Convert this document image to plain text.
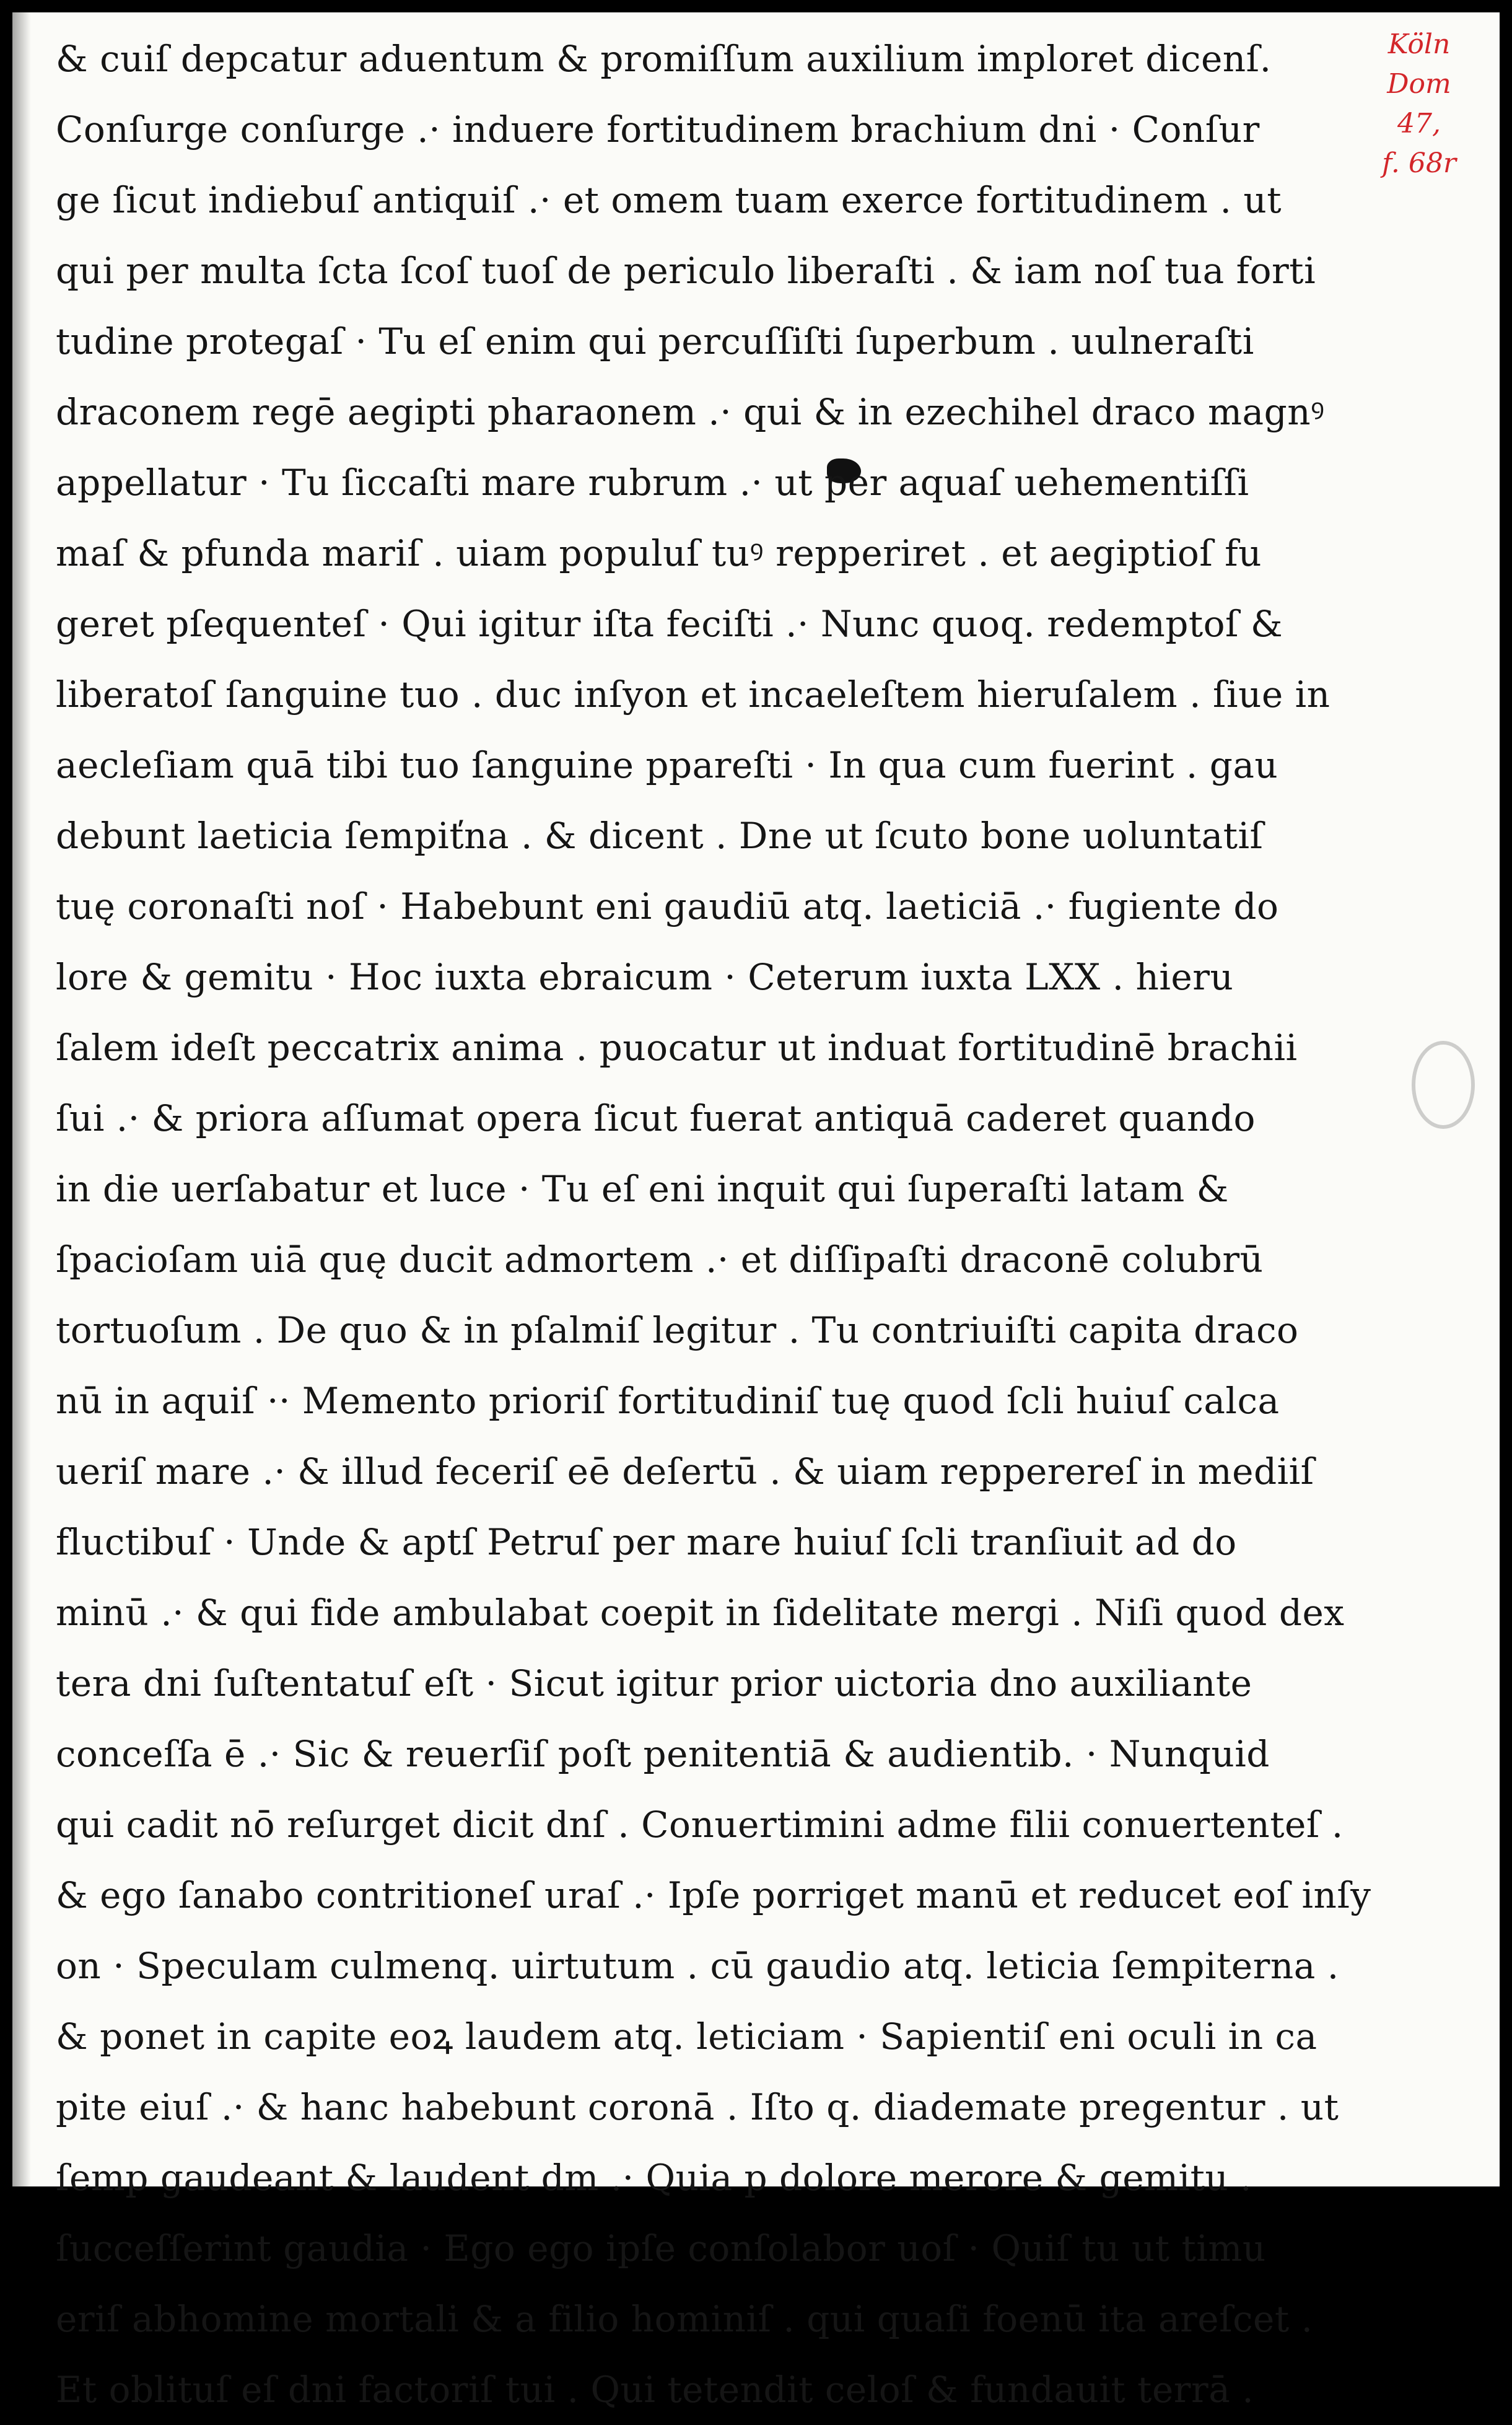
Köln
Dom
47,
f. 68r
& cuiſ depcatur aduentum & promiſſum auxilium imploret dicenſ.
Conſurge conſurge .· induere fortitudinem brachium dni · Conſur
ge ſicut indiebuſ antiquiſ .· et omem tuam exerce fortitudinem . ut
qui per multa ſcta ſcoſ tuoſ de periculo liberaſti . & iam noſ tua forti
tudine protegaſ · Tu eſ enim qui percuſſiſti ſuperbum . uulneraſti
draconem regē aegipti pharaonem .· qui & in ezechihel draco magnꝰ
appellatur · Tu ſiccaſti mare rubrum .· ut per aquaſ uehementiſſi
maſ & pfunda mariſ . uiam populuſ tuꝰ repperiret . et aegiptioſ fu
geret pſequenteſ · Qui igitur iſta feciſti .· Nunc quoq. redemptoſ &
liberatoſ ſanguine tuo . duc inſyon et incaeleſtem hieruſalem . ſiue in
aecleſiam quā tibi tuo ſanguine ppareſti · In qua cum fuerint . gau
debunt laeticia ſempiťna . & dicent . Dne ut ſcuto bone uoluntatiſ
tuę coronaſti noſ · Habebunt eni gaudiū atq. laeticiā .· fugiente do
lore & gemitu · Hoc iuxta ebraicum · Ceterum iuxta LXX . hieru
ſalem ideſt peccatrix anima . puocatur ut induat fortitudinē brachii
ſui .· & priora aſſumat opera ſicut fuerat antiquā caderet quando
in die uerſabatur et luce · Tu eſ eni inquit qui ſuperaſti latam &
ſpacioſam uiā quę ducit admortem .· et diſſipaſti draconē colubrū
tortuoſum . De quo & in pſalmiſ legitur . Tu contriuiſti capita draco
nū in aquiſ ·· Memento prioriſ fortitudiniſ tuę quod ſcli huiuſ calca
ueriſ mare .· & illud feceriſ eē deſertū . & uiam repperereſ in mediiſ
fluctibuſ · Unde & aptſ Petruſ per mare huiuſ ſcli tranſiuit ad do
minū .· & qui fide ambulabat coepit in ſidelitate mergi . Niſi quod dex
tera dni ſuſtentatuſ eſt · Sicut igitur prior uictoria dno auxiliante
conceſſa ē .· Sic & reuerſiſ poſt penitentiā & audientib. · Nunquid
qui cadit nō reſurget dicit dnſ . Conuertimini adme filii conuertenteſ .
& ego ſanabo contritioneſ uraſ .· Ipſe porriget manū et reducet eoſ inſy
on · Speculam culmenq. uirtutum . cū gaudio atq. leticia ſempiterna .
& ponet in capite eoꝝ laudem atq. leticiam · Sapientiſ eni oculi in ca
pite eiuſ .· & hanc habebunt coronā . Iſto q. diademate pregentur . ut
ſemp gaudeant & laudent dm .· Quia p dolore merore & gemitu .
ſucceſſerint gaudia · Ego ego ipſe conſolabor uoſ · Quiſ tu ut timu
eriſ abhomine mortali & a filio hominiſ . qui quaſi foenū ita areſcet .
Et oblituſ eſ dni factoriſ tui . Qui tetendit celoſ & fundauit terrā .
